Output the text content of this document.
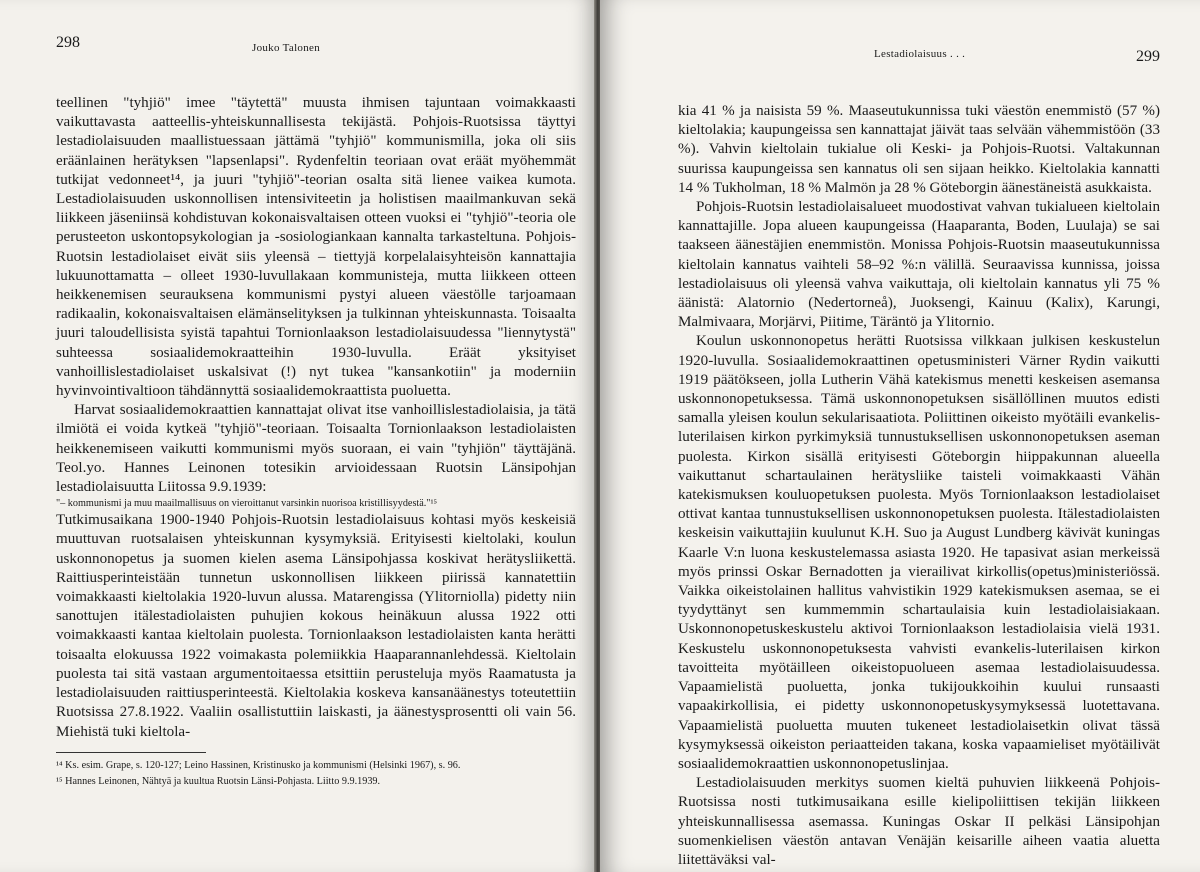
298	Jouko Talonen

teellinen "tyhjiö" imee "täytettä" muusta ihmisen tajuntaan voimakkaasti vaikuttavasta aatteellis-yhteiskunnallisesta tekijästä. Pohjois-Ruotsissa täyttyi lestadiolaisuuden maallistuessaan jättämä "tyhjiö" kommunismilla, joka oli siis eräänlainen herätyksen "lapsenlapsi". Rydenfeltin teoriaan ovat eräät myöhemmät tutkijat vedonneet¹⁴, ja juuri "tyhjiö"-teorian osalta sitä lienee vaikea kumota. Lestadiolaisuuden uskonnollisen intensiviteetin ja holistisen maailmankuvan sekä liikkeen jäseniinsä kohdistuvan kokonaisvaltaisen otteen vuoksi ei "tyhjiö"-teoria ole perusteeton uskontopsykologian ja -sosiologiankaan kannalta tarkasteltuna. Pohjois-Ruotsin lestadiolaiset eivät siis yleensä – tiettyjä korpelalaisyhteisön kannattajia lukuunottamatta – olleet 1930-luvullakaan kommunisteja, mutta liikkeen otteen heikkenemisen seurauksena kommunismi pystyi alueen väestölle tarjoamaan radikaalin, kokonaisvaltaisen elämänselityksen ja tulkinnan yhteiskunnasta. Toisaalta juuri taloudellisista syistä tapahtui Tornionlaakson lestadiolaisuudessa "liennytystä" suhteessa sosiaalidemokraatteihin 1930-luvulla. Eräät yksityiset vanhoillislestadiolaiset uskalsivat (!) nyt tukea "kansankotiin" ja moderniin hyvinvointivaltioon tähdännyttä sosiaalidemokraattista puoluetta.

Harvat sosiaalidemokraattien kannattajat olivat itse vanhoillislestadiolaisia, ja tätä ilmiötä ei voida kytkeä "tyhjiö"-teoriaan. Toisaalta Tornionlaakson lestadiolaisten heikkenemiseen vaikutti kommunismi myös suoraan, ei vain "tyhjiön" täyttäjänä. Teol.yo. Hannes Leinonen totesikin arvioidessaan Ruotsin Länsipohjan lestadiolaisuutta Liitossa 9.9.1939:

"– kommunismi ja muu maailmallisuus on vieroittanut varsinkin nuorisoa kristillisyydestä."¹⁵

Tutkimusaikana 1900-1940 Pohjois-Ruotsin lestadiolaisuus kohtasi myös keskeisiä muuttuvan ruotsalaisen yhteiskunnan kysymyksiä. Erityisesti kieltolaki, koulun uskonnonopetus ja suomen kielen asema Länsipohjassa koskivat herätysliikettä. Raittiusperinteistään tunnetun uskonnollisen liikkeen piirissä kannatettiin voimakkaasti kieltolakia 1920-luvun alussa. Matarengissa (Ylitorniolla) pidetty niin sanottujen itälestadiolaisten puhujien kokous heinäkuun alussa 1922 otti voimakkaasti kantaa kieltolain puolesta. Tornionlaakson lestadiolaisten kanta herätti toisaalta elokuussa 1922 voimakasta polemiikkia Haaparannanlehdessä. Kieltolain puolesta tai sitä vastaan argumentoitaessa etsittiin perusteluja myös Raamatusta ja lestadiolaisuuden raittiusperinteestä. Kieltolakia koskeva kansanäänestys toteutettiin Ruotsissa 27.8.1922. Vaaliin osallistuttiin laiskasti, ja äänestysprosentti oli vain 56. Miehistä tuki kieltola-

¹⁴ Ks. esim. Grape, s. 120-127; Leino Hassinen, Kristinusko ja kommunismi (Helsinki 1967), s. 96.

¹⁵ Hannes Leinonen, Nähtyä ja kuultua Ruotsin Länsi-Pohjasta. Liitto 9.9.1939.

Lestadiolaisuus . . .	299

kia 41 % ja naisista 59 %. Maaseutukunnissa tuki väestön enemmistö (57 %) kieltolakia; kaupungeissa sen kannattajat jäivät taas selvään vähemmistöön (33 %). Vahvin kieltolain tukialue oli Keski- ja Pohjois-Ruotsi. Valtakunnan suurissa kaupungeissa sen kannatus oli sen sijaan heikko. Kieltolakia kannatti 14 % Tukholman, 18 % Malmön ja 28 % Göteborgin äänestäneistä asukkaista.

Pohjois-Ruotsin lestadiolaisalueet muodostivat vahvan tukialueen kieltolain kannattajille. Jopa alueen kaupungeissa (Haaparanta, Boden, Luulaja) se sai taakseen äänestäjien enemmistön. Monissa Pohjois-Ruotsin maaseutukunnissa kieltolain kannatus vaihteli 58–92 %:n välillä. Seuraavissa kunnissa, joissa lestadiolaisuus oli yleensä vahva vaikuttaja, oli kieltolain kannatus yli 75 % äänistä: Alatornio (Nedertorneå), Juoksengi, Kainuu (Kalix), Karungi, Malmivaara, Morjärvi, Piitime, Täräntö ja Ylitornio.

Koulun uskonnonopetus herätti Ruotsissa vilkkaan julkisen keskustelun 1920-luvulla. Sosiaalidemokraattinen opetusministeri Värner Rydin vaikutti 1919 päätökseen, jolla Lutherin Vähä katekismus menetti keskeisen asemansa uskonnonopetuksessa. Tämä uskonnonopetuksen sisällöllinen muutos edisti samalla yleisen koulun sekularisaatiota. Poliittinen oikeisto myötäili evankelis-luterilaisen kirkon pyrkimyksiä tunnustuksellisen uskonnonopetuksen aseman puolesta. Kirkon sisällä erityisesti Göteborgin hiippakunnan alueella vaikuttanut schartaulainen herätysliike taisteli voimakkaasti Vähän katekismuksen kouluopetuksen puolesta. Myös Tornionlaakson lestadiolaiset ottivat kantaa tunnustuksellisen uskonnonopetuksen puolesta. Itälestadiolaisten keskeisin vaikuttajiin kuulunut K.H. Suo ja August Lundberg kävivät kuningas Kaarle V:n luona keskustelemassa asiasta 1920. He tapasivat asian merkeissä myös prinssi Oskar Bernadotten ja vierailivat kirkollis(opetus)ministeriössä. Vaikka oikeistolainen hallitus vahvistikin 1929 katekismuksen asemaa, se ei tyydyttänyt sen kummemmin schartaulaisia kuin lestadiolaisiakaan. Uskonnonopetuskeskustelu aktivoi Tornionlaakson lestadiolaisia vielä 1931. Keskustelu uskonnonopetuksesta vahvisti evankelis-luterilaisen kirkon tavoitteita myötäilleen oikeistopuolueen asemaa lestadiolaisuudessa. Vapaamielistä puoluetta, jonka tukijoukkoihin kuului runsaasti vapaakirkollisia, ei pidetty uskonnonopetuskysymyksessä luotettavana. Vapaamielistä puoluetta muuten tukeneet lestadiolaisetkin olivat tässä kysymyksessä oikeiston periaatteiden takana, koska vapaamieliset myötäilivät sosiaalidemokraattien uskonnonopetuslinjaa.

Lestadiolaisuuden merkitys suomen kieltä puhuvien liikkeenä Pohjois-Ruotsissa nosti tutkimusaikana esille kielipoliittisen tekijän liikkeen yhteiskunnallisessa asemassa. Kuningas Oskar II pelkäsi Länsipohjan suomenkielisen väestön antavan Venäjän keisarille aiheen vaatia aluetta liitettäväksi val-
